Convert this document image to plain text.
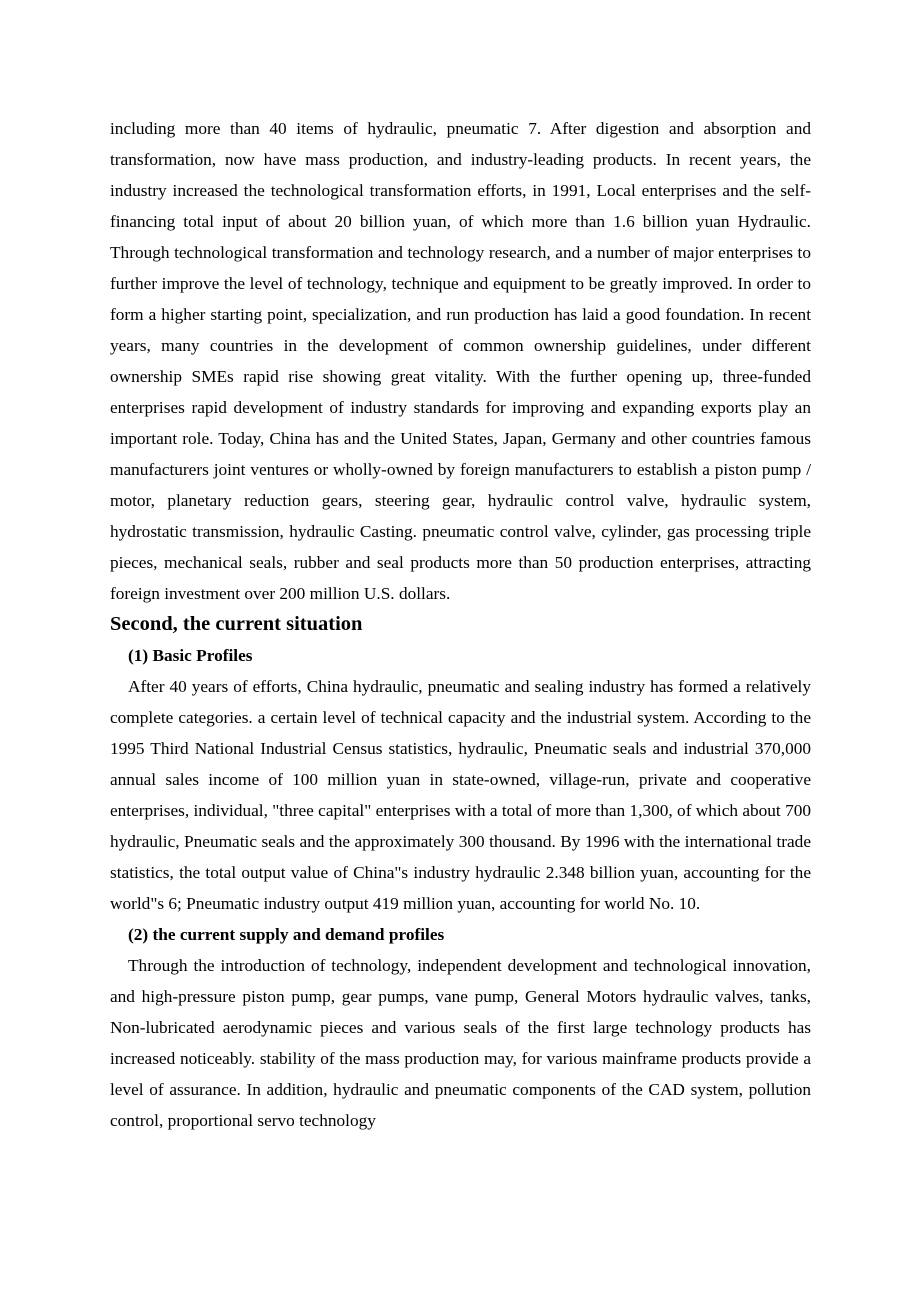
including more than 40 items of hydraulic, pneumatic 7. After digestion and absorption and transformation, now have mass production, and industry-leading products. In recent years, the industry increased the technological transformation efforts, in 1991, Local enterprises and the self-financing total input of about 20 billion yuan, of which more than 1.6 billion yuan Hydraulic. Through technological transformation and technology research, and a number of major enterprises to further improve the level of technology, technique and equipment to be greatly improved. In order to form a higher starting point, specialization, and run production has laid a good foundation. In recent years, many countries in the development of common ownership guidelines, under different ownership SMEs rapid rise showing great vitality. With the further opening up, three-funded enterprises rapid development of industry standards for improving and expanding exports play an important role. Today, China has and the United States, Japan, Germany and other countries famous manufacturers joint ventures or wholly-owned by foreign manufacturers to establish a piston pump / motor, planetary reduction gears, steering gear, hydraulic control valve, hydraulic system, hydrostatic transmission, hydraulic Casting. pneumatic control valve, cylinder, gas processing triple pieces, mechanical seals, rubber and seal products more than 50 production enterprises, attracting foreign investment over 200 million U.S. dollars.

Second, the current situation
(1) Basic Profiles

After 40 years of efforts, China hydraulic, pneumatic and sealing industry has formed a relatively complete categories. a certain level of technical capacity and the industrial system. According to the 1995 Third National Industrial Census statistics, hydraulic, Pneumatic seals and industrial 370,000 annual sales income of 100 million yuan in state-owned, village-run, private and cooperative enterprises, individual, "three capital" enterprises with a total of more than 1,300, of which about 700 hydraulic, Pneumatic seals and the approximately 300 thousand. By 1996 with the international trade statistics, the total output value of China"s industry hydraulic 2.348 billion yuan, accounting for the world"s 6; Pneumatic industry output 419 million yuan, accounting for world No. 10.

(2) the current supply and demand profiles

Through the introduction of technology, independent development and technological innovation, and high-pressure piston pump, gear pumps, vane pump, General Motors hydraulic valves, tanks, Non-lubricated aerodynamic pieces and various seals of the first large technology products has increased noticeably. stability of the mass production may, for various mainframe products provide a level of assurance. In addition, hydraulic and pneumatic components of the CAD system, pollution control, proportional servo technology
